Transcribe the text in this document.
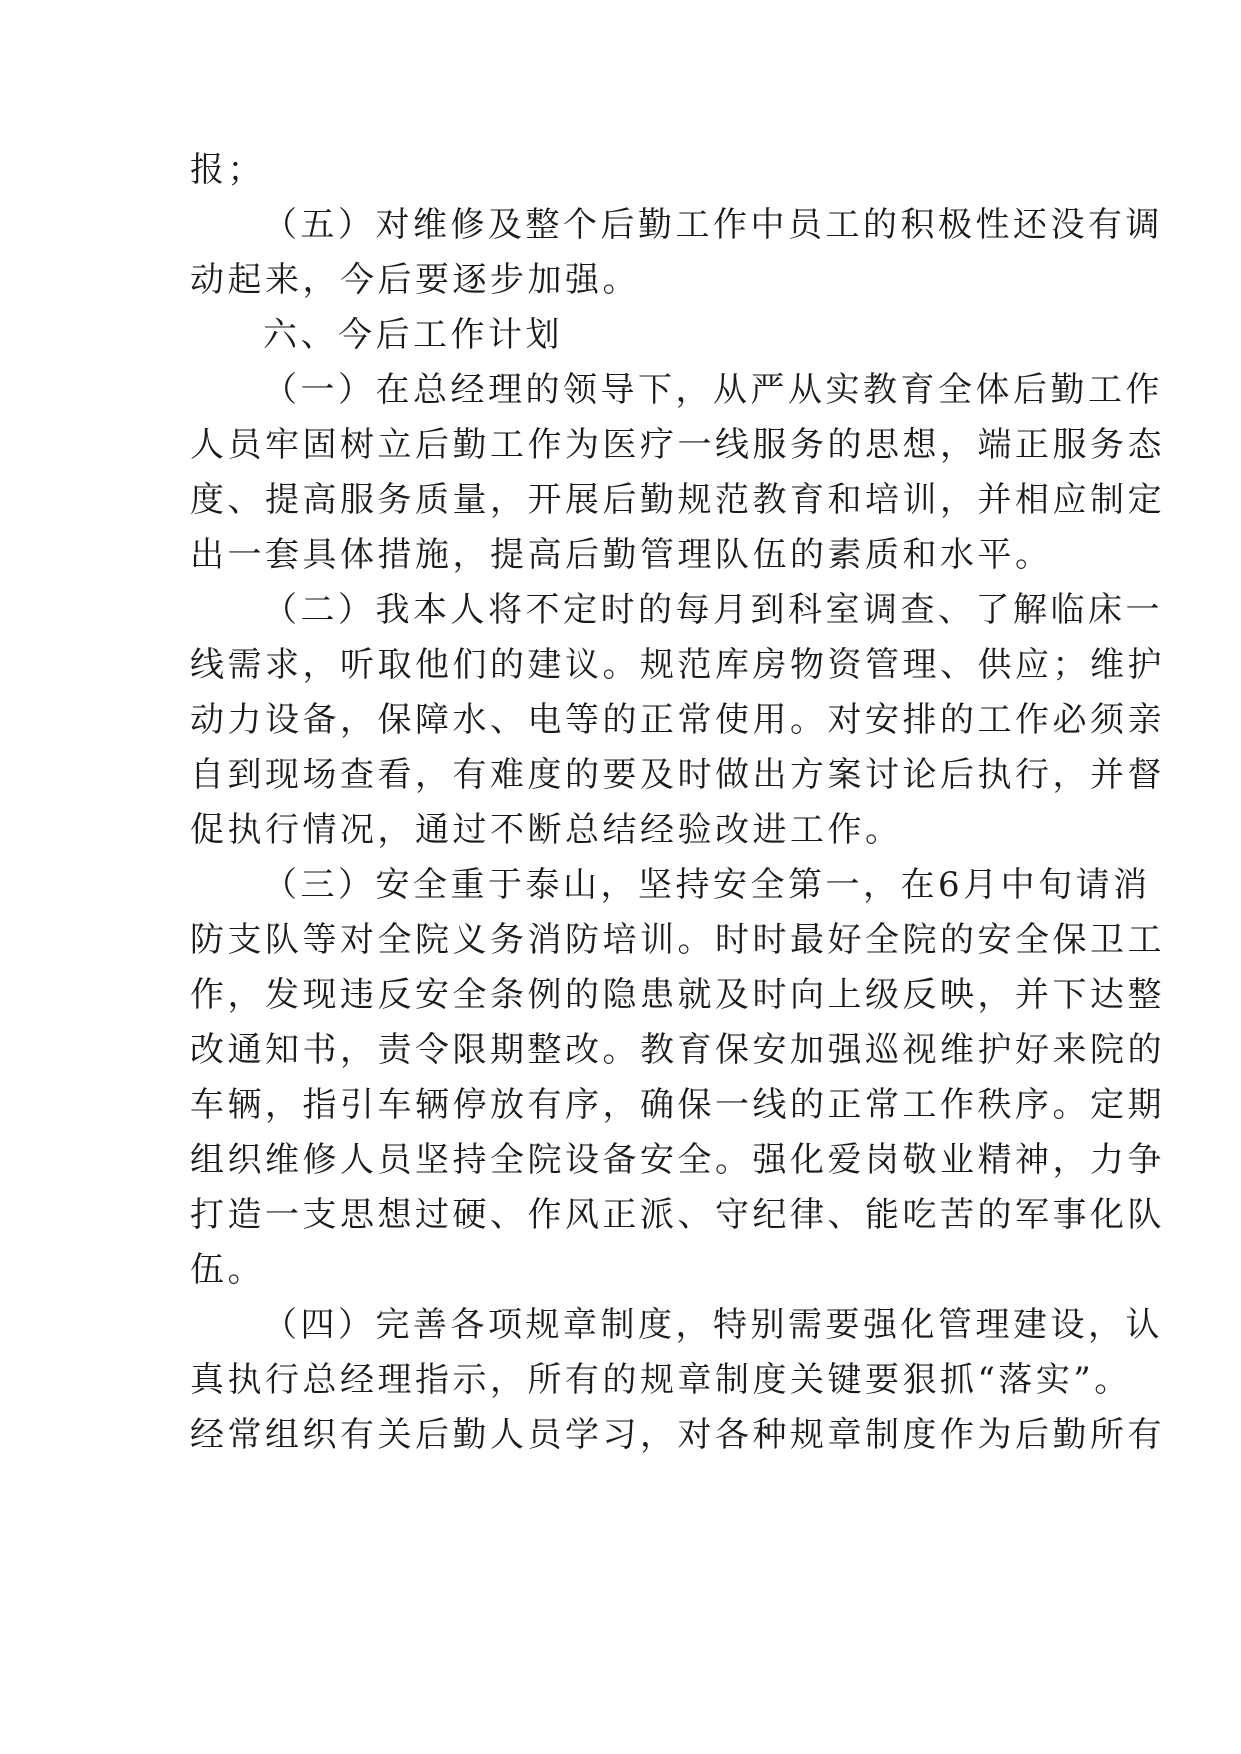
报；
（五）对维修及整个后勤工作中员工的积极性还没有调
动起来，今后要逐步加强。
六、今后工作计划
（一）在总经理的领导下，从严从实教育全体后勤工作
人员牢固树立后勤工作为医疗一线服务的思想，端正服务态
度、提高服务质量，开展后勤规范教育和培训，并相应制定
出一套具体措施，提高后勤管理队伍的素质和水平。
（二）我本人将不定时的每月到科室调查、了解临床一
线需求，听取他们的建议。规范库房物资管理、供应；维护
动力设备，保障水、电等的正常使用。对安排的工作必须亲
自到现场查看，有难度的要及时做出方案讨论后执行，并督
促执行情况，通过不断总结经验改进工作。
（三）安全重于泰山，坚持安全第一，在6月中旬请消
防支队等对全院义务消防培训。时时最好全院的安全保卫工
作，发现违反安全条例的隐患就及时向上级反映，并下达整
改通知书，责令限期整改。教育保安加强巡视维护好来院的
车辆，指引车辆停放有序，确保一线的正常工作秩序。定期
组织维修人员坚持全院设备安全。强化爱岗敬业精神，力争
打造一支思想过硬、作风正派、守纪律、能吃苦的军事化队
伍。
（四）完善各项规章制度，特别需要强化管理建设，认
真执行总经理指示，所有的规章制度关键要狠抓“落实”。
经常组织有关后勤人员学习，对各种规章制度作为后勤所有
